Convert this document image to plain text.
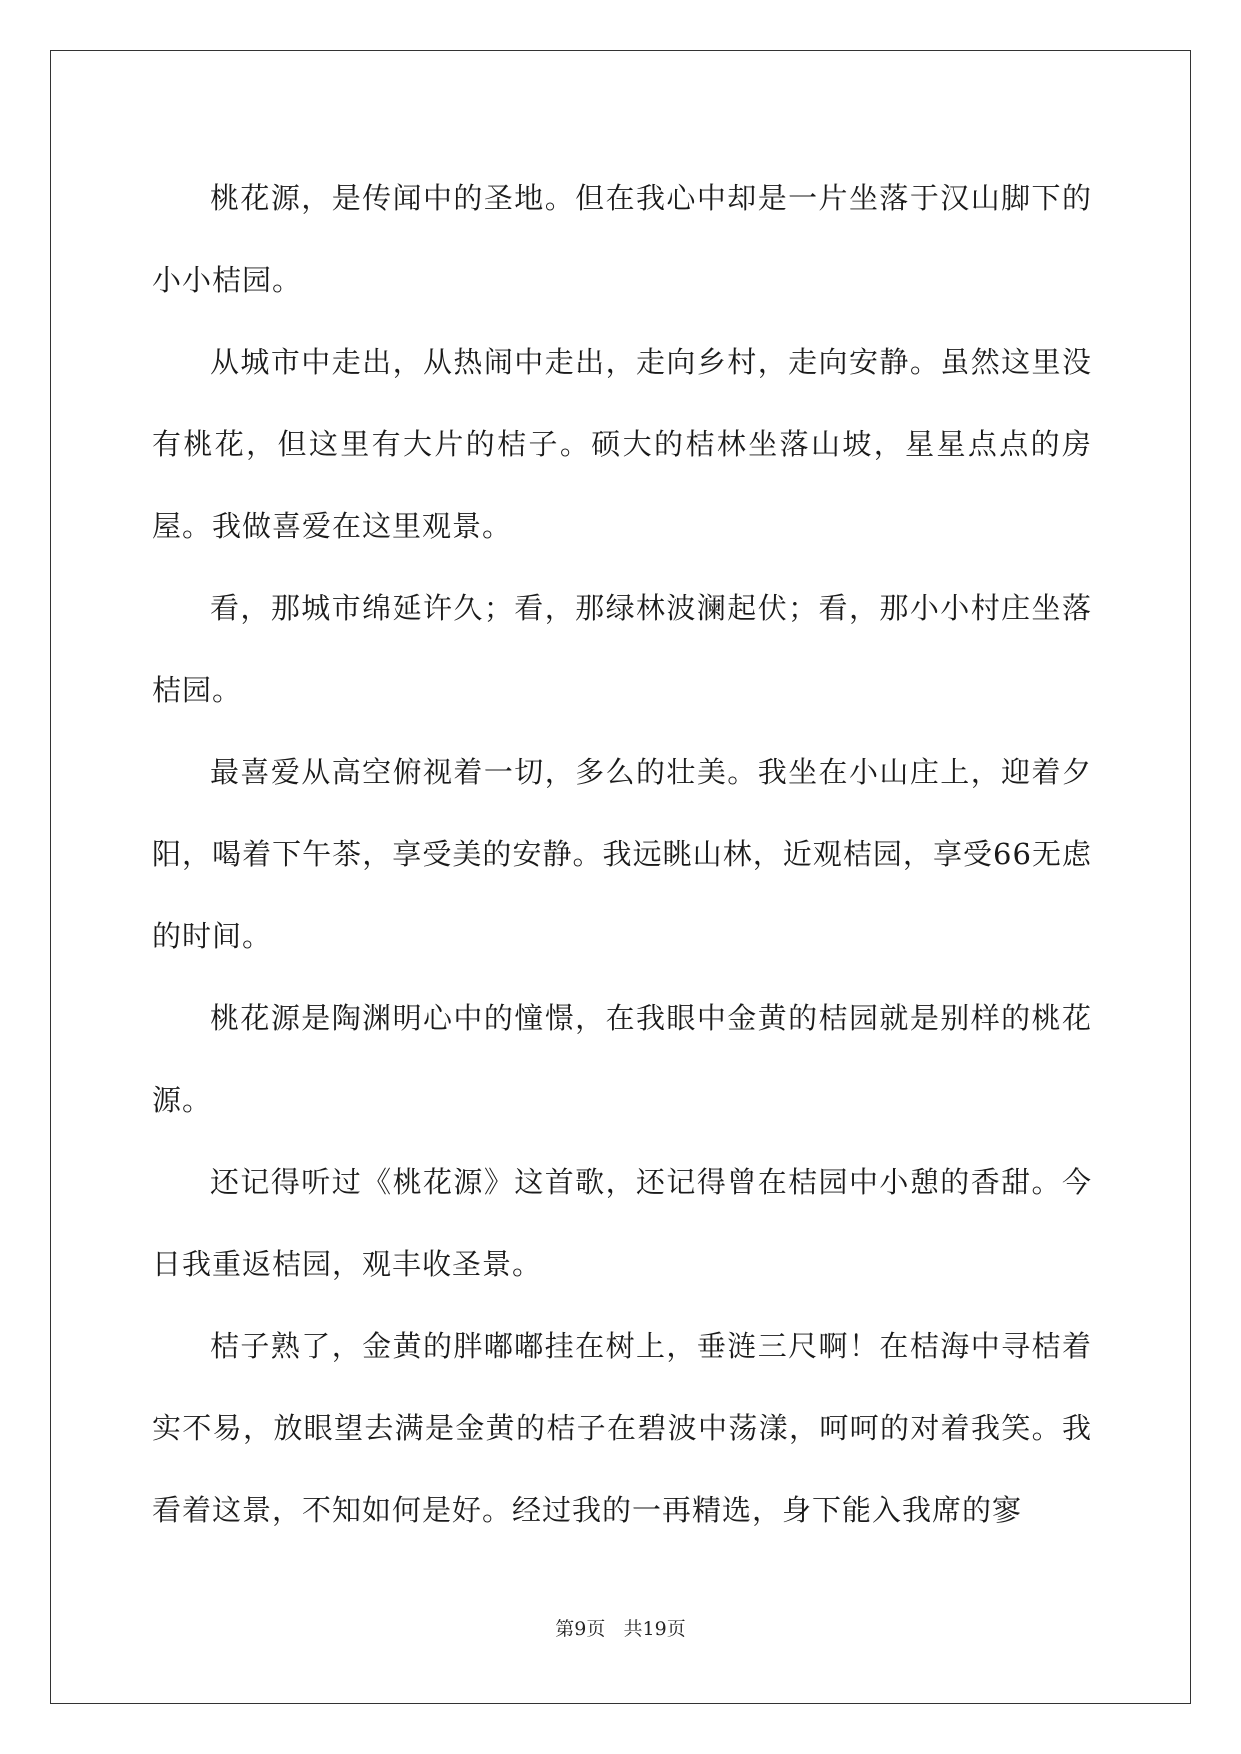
桃花源，是传闻中的圣地。但在我心中却是一片坐落于汉山脚下的小小桔园。

从城市中走出，从热闹中走出，走向乡村，走向安静。虽然这里没有桃花，但这里有大片的桔子。硕大的桔林坐落山坡，星星点点的房屋。我做喜爱在这里观景。

看，那城市绵延许久；看，那绿林波澜起伏；看，那小小村庄坐落桔园。

最喜爱从高空俯视着一切，多么的壮美。我坐在小山庄上，迎着夕阳，喝着下午茶，享受美的安静。我远眺山林，近观桔园，享受66无虑的时间。

桃花源是陶渊明心中的憧憬，在我眼中金黄的桔园就是别样的桃花源。

还记得听过《桃花源》这首歌，还记得曾在桔园中小憩的香甜。今日我重返桔园，观丰收圣景。

桔子熟了，金黄的胖嘟嘟挂在树上，垂涟三尺啊！在桔海中寻桔着实不易，放眼望去满是金黄的桔子在碧波中荡漾，呵呵的对着我笑。我看着这景，不知如何是好。经过我的一再精选，身下能入我席的寥

第9页 共19页
